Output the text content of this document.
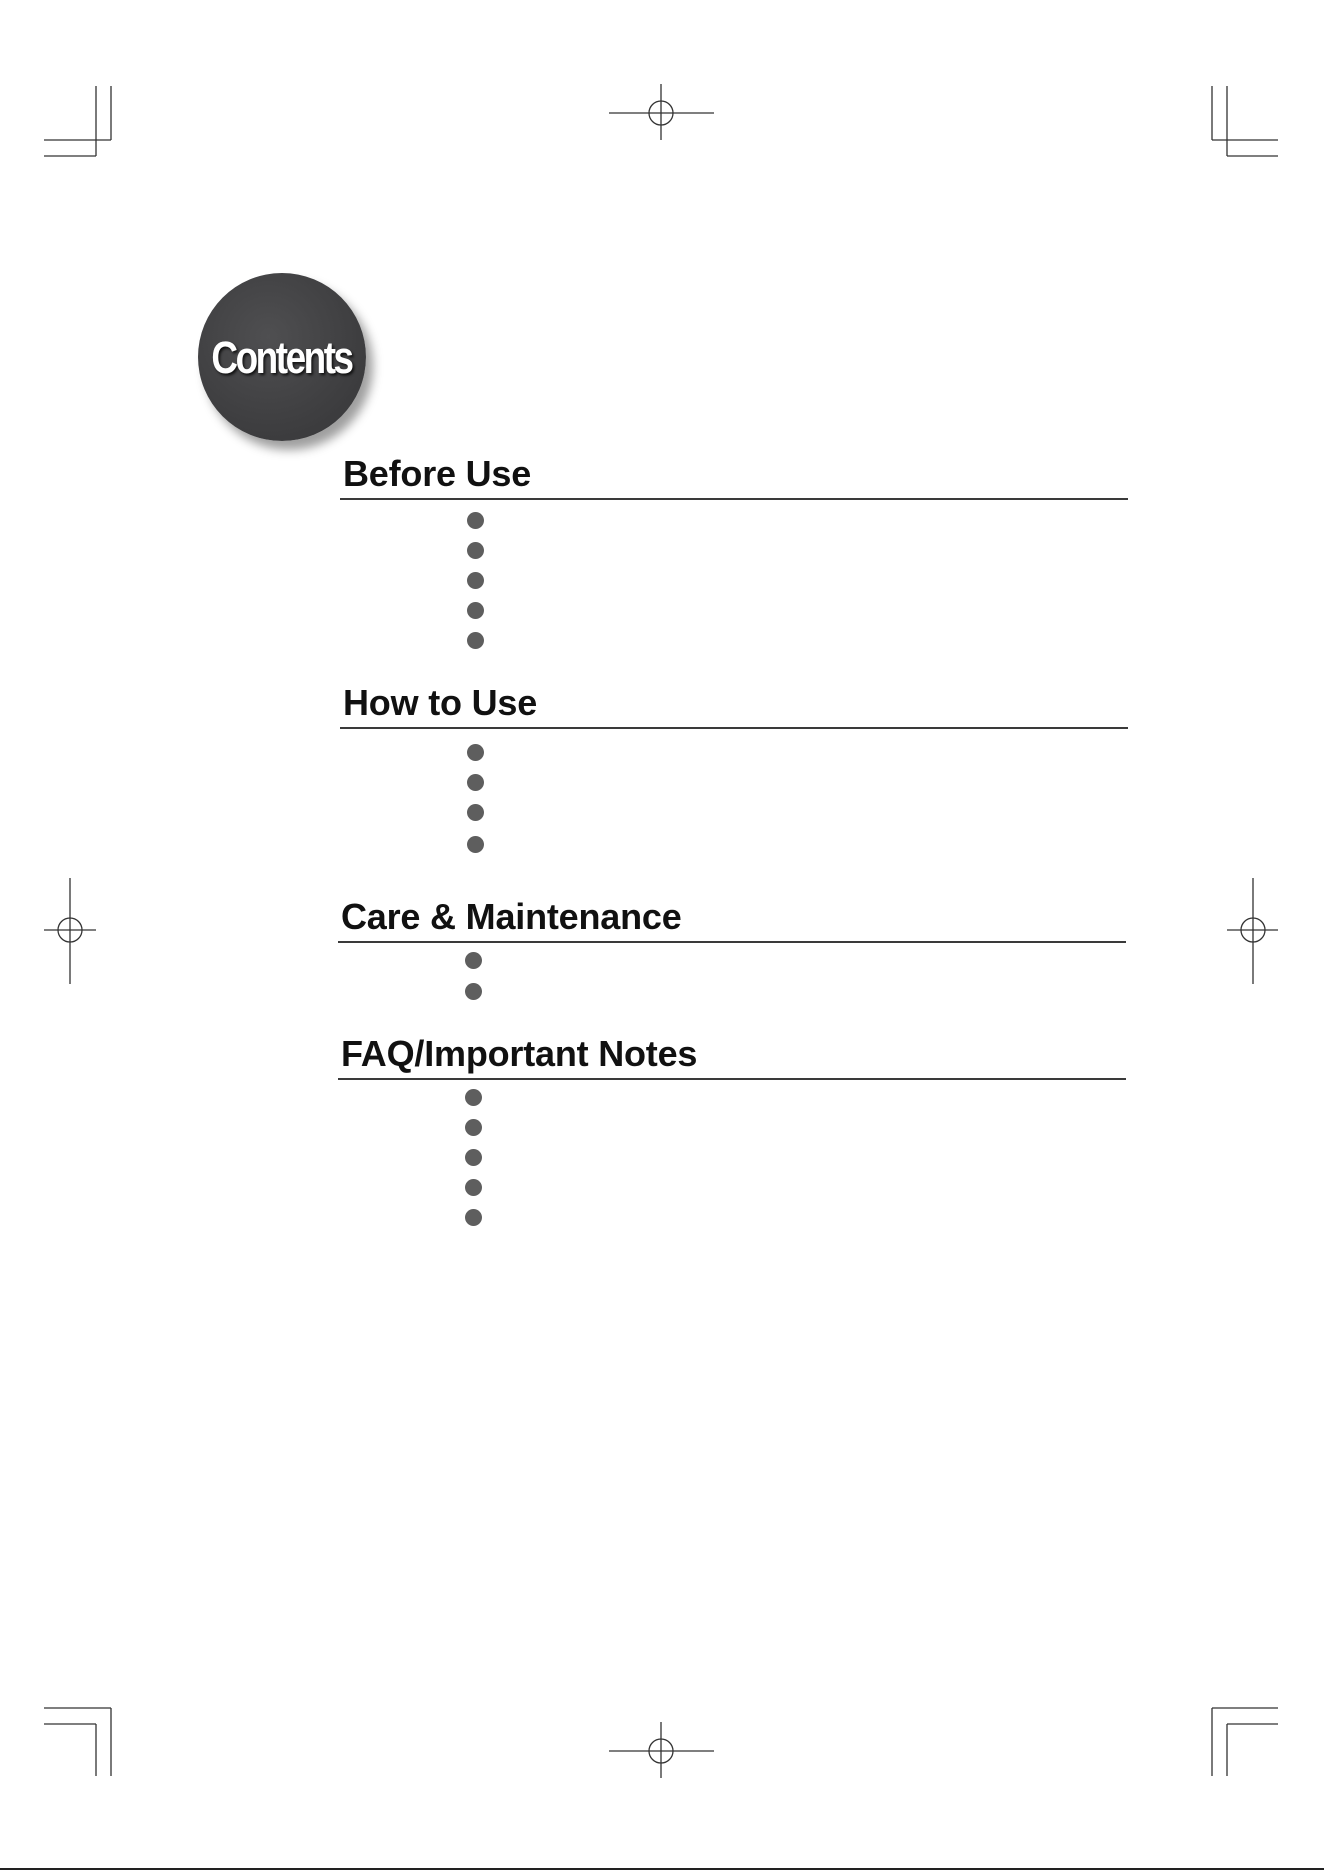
Contents
Before Use
How to Use
Care & Maintenance
FAQ/Important Notes
